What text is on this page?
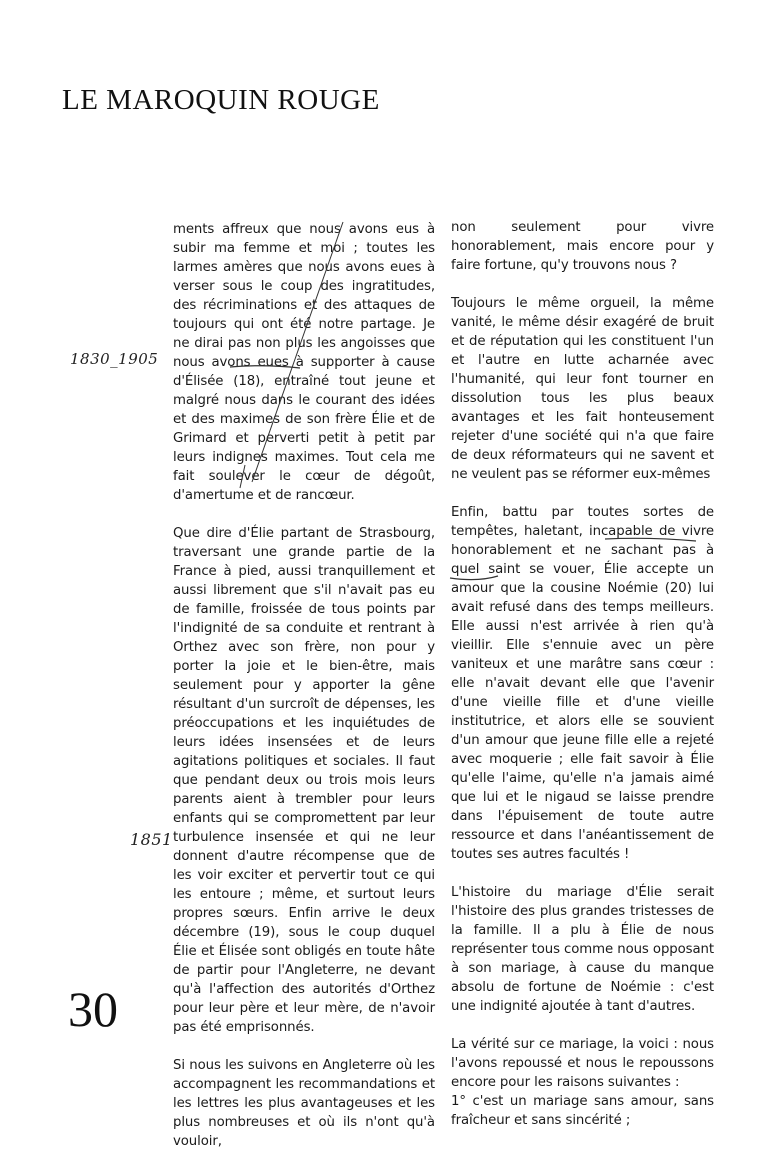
LE MAROQUIN ROUGE

ments affreux que nous avons eus à subir ma femme et moi ; toutes les larmes amères que nous avons eues à verser sous le coup des ingratitudes, des récriminations et des attaques de toujours qui ont été notre partage. Je ne dirai pas non plus les angoisses que nous avons eues à supporter à cause d'Élisée (18), entraîné tout jeune et malgré nous dans le courant des idées et des maximes de son frère Élie et de Grimard et perverti petit à petit par leurs indignes maximes. Tout cela me fait soulever le cœur de dégoût, d'amertume et de rancœur.

Que dire d'Élie partant de Strasbourg, traversant une grande partie de la France à pied, aussi tranquillement et aussi librement que s'il n'avait pas eu de famille, froissée de tous points par l'indignité de sa conduite et rentrant à Orthez avec son frère, non pour y porter la joie et le bien-être, mais seulement pour y apporter la gêne résultant d'un surcroît de dépenses, les préoccupations et les inquiétudes de leurs idées insensées et de leurs agitations politiques et sociales. Il faut que pendant deux ou trois mois leurs parents aient à trembler pour leurs enfants qui se compromettent par leur turbulence insensée et qui ne leur donnent d'autre récompense que de les voir exciter et pervertir tout ce qui les entoure ; même, et surtout leurs propres sœurs. Enfin arrive le deux décembre (19), sous le coup duquel Élie et Élisée sont obligés en toute hâte de partir pour l'Angleterre, ne devant qu'à l'affection des autorités d'Orthez pour leur père et leur mère, de n'avoir pas été emprisonnés.

Si nous les suivons en Angleterre où les accompagnent les recommandations et les lettres les plus avantageuses et les plus nombreuses et où ils n'ont qu'à vouloir,

non seulement pour vivre honorablement, mais encore pour y faire fortune, qu'y trouvons nous ?

Toujours le même orgueil, la même vanité, le même désir exagéré de bruit et de réputation qui les constituent l'un et l'autre en lutte acharnée avec l'humanité, qui leur font tourner en dissolution tous les plus beaux avantages et les fait honteusement rejeter d'une société qui n'a que faire de deux réformateurs qui ne savent et ne veulent pas se réformer eux-mêmes

Enfin, battu par toutes sortes de tempêtes, haletant, incapable de vivre honorablement et ne sachant pas à quel saint se vouer, Élie accepte un amour que la cousine Noémie (20) lui avait refusé dans des temps meilleurs. Elle aussi n'est arrivée à rien qu'à vieillir. Elle s'ennuie avec un père vaniteux et une marâtre sans cœur : elle n'avait devant elle que l'avenir d'une vieille fille et d'une vieille institutrice, et alors elle se souvient d'un amour que jeune fille elle a rejeté avec moquerie ; elle fait savoir à Élie qu'elle l'aime, qu'elle n'a jamais aimé que lui et le nigaud se laisse prendre dans l'épuisement de toute autre ressource et dans l'anéantissement de toutes ses autres facultés !

L'histoire du mariage d'Élie serait l'histoire des plus grandes tristesses de la famille. Il a plu à Élie de nous représenter tous comme nous opposant à son mariage, à cause du manque absolu de fortune de Noémie : c'est une indignité ajoutée à tant d'autres.

La vérité sur ce mariage, la voici : nous l'avons repoussé et nous le repoussons encore pour les raisons suivantes :
1° c'est un mariage sans amour, sans fraîcheur et sans sincérité ;

1830_1905
1851
30
